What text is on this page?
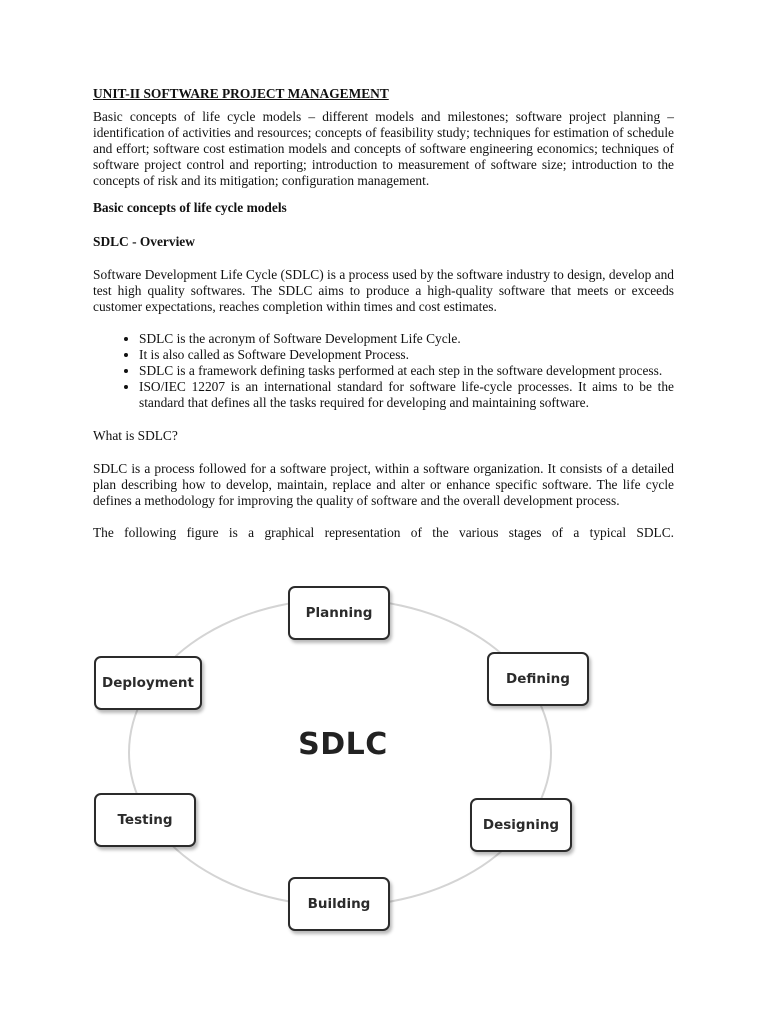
UNIT-II SOFTWARE PROJECT MANAGEMENT

Basic concepts of life cycle models – different models and milestones; software project planning – identification of activities and resources; concepts of feasibility study; techniques for estimation of schedule and effort; software cost estimation models and concepts of software engineering economics; techniques of software project control and reporting; introduction to measurement of software size; introduction to the concepts of risk and its mitigation; configuration management.

Basic concepts of life cycle models

SDLC - Overview

Software Development Life Cycle (SDLC) is a process used by the software industry to design, develop and test high quality softwares. The SDLC aims to produce a high-quality software that meets or exceeds customer expectations, reaches completion within times and cost estimates.

• SDLC is the acronym of Software Development Life Cycle.
• It is also called as Software Development Process.
• SDLC is a framework defining tasks performed at each step in the software development process.
• ISO/IEC 12207 is an international standard for software life-cycle processes. It aims to be the standard that defines all the tasks required for developing and maintaining software.

What is SDLC?

SDLC is a process followed for a software project, within a software organization. It consists of a detailed plan describing how to develop, maintain, replace and alter or enhance specific software. The life cycle defines a methodology for improving the quality of software and the overall development process.

The following figure is a graphical representation of the various stages of a typical SDLC.

SDLC
Planning
Defining
Designing
Building
Testing
Deployment
